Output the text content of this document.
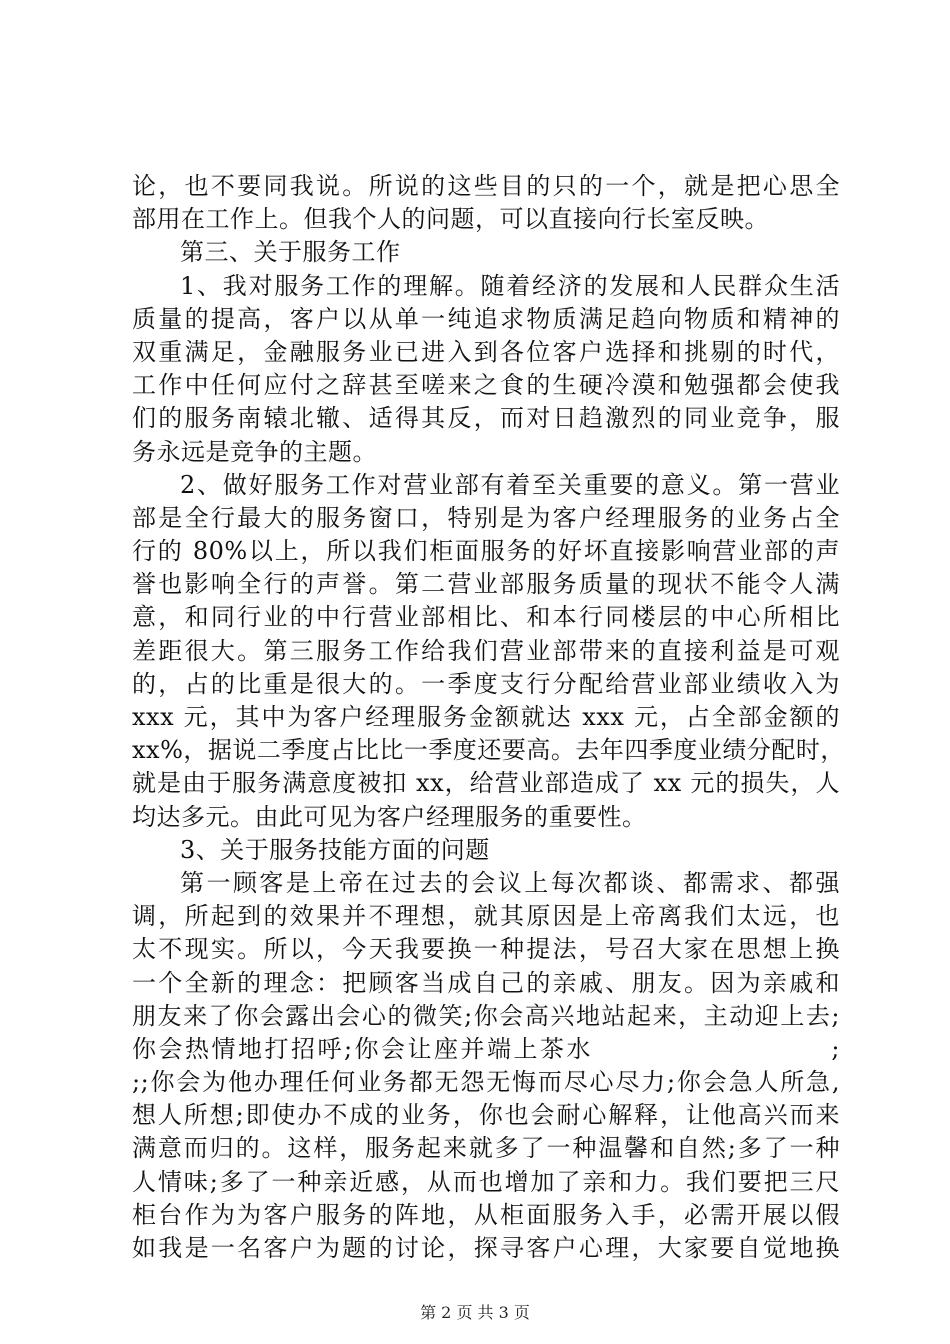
论，也不要同我说。所说的这些目的只的一个，就是把心思全
部用在工作上。但我个人的问题，可以直接向行长室反映。
第三、关于服务工作
1、我对服务工作的理解。随着经济的发展和人民群众生活
质量的提高，客户以从单一纯追求物质满足趋向物质和精神的
双重满足，金融服务业已进入到各位客户选择和挑剔的时代，
工作中任何应付之辞甚至嗟来之食的生硬冷漠和勉强都会使我
们的服务南辕北辙、适得其反，而对日趋激烈的同业竞争，服
务永远是竞争的主题。
2、做好服务工作对营业部有着至关重要的意义。第一营业
部是全行最大的服务窗口，特别是为客户经理服务的业务占全
行的 80%以上，所以我们柜面服务的好坏直接影响营业部的声
誉也影响全行的声誉。第二营业部服务质量的现状不能令人满
意，和同行业的中行营业部相比、和本行同楼层的中心所相比
差距很大。第三服务工作给我们营业部带来的直接利益是可观
的，占的比重是很大的。一季度支行分配给营业部业绩收入为
xxx 元，其中为客户经理服务金额就达 xxx 元，占全部金额的
xx%，据说二季度占比比一季度还要高。去年四季度业绩分配时，
就是由于服务满意度被扣 xx，给营业部造成了 xx 元的损失，人
均达多元。由此可见为客户经理服务的重要性。
3、关于服务技能方面的问题
第一顾客是上帝在过去的会议上每次都谈、都需求、都强
调，所起到的效果并不理想，就其原因是上帝离我们太远，也
太不现实。所以，今天我要换一种提法，号召大家在思想上换
一个全新的理念：把顾客当成自己的亲戚、朋友。因为亲戚和
朋友来了你会露出会心的微笑;你会高兴地站起来，主动迎上去;
你会热情地打招呼;你会让座并端上茶水　　　　　　　　　;
;;你会为他办理任何业务都无怨无悔而尽心尽力;你会急人所急,
想人所想;即使办不成的业务，你也会耐心解释，让他高兴而来
满意而归的。这样，服务起来就多了一种温馨和自然;多了一种
人情味;多了一种亲近感，从而也增加了亲和力。我们要把三尺
柜台作为为客户服务的阵地，从柜面服务入手，必需开展以假
如我是一名客户为题的讨论，探寻客户心理，大家要自觉地换
第 2 页 共 3 页
